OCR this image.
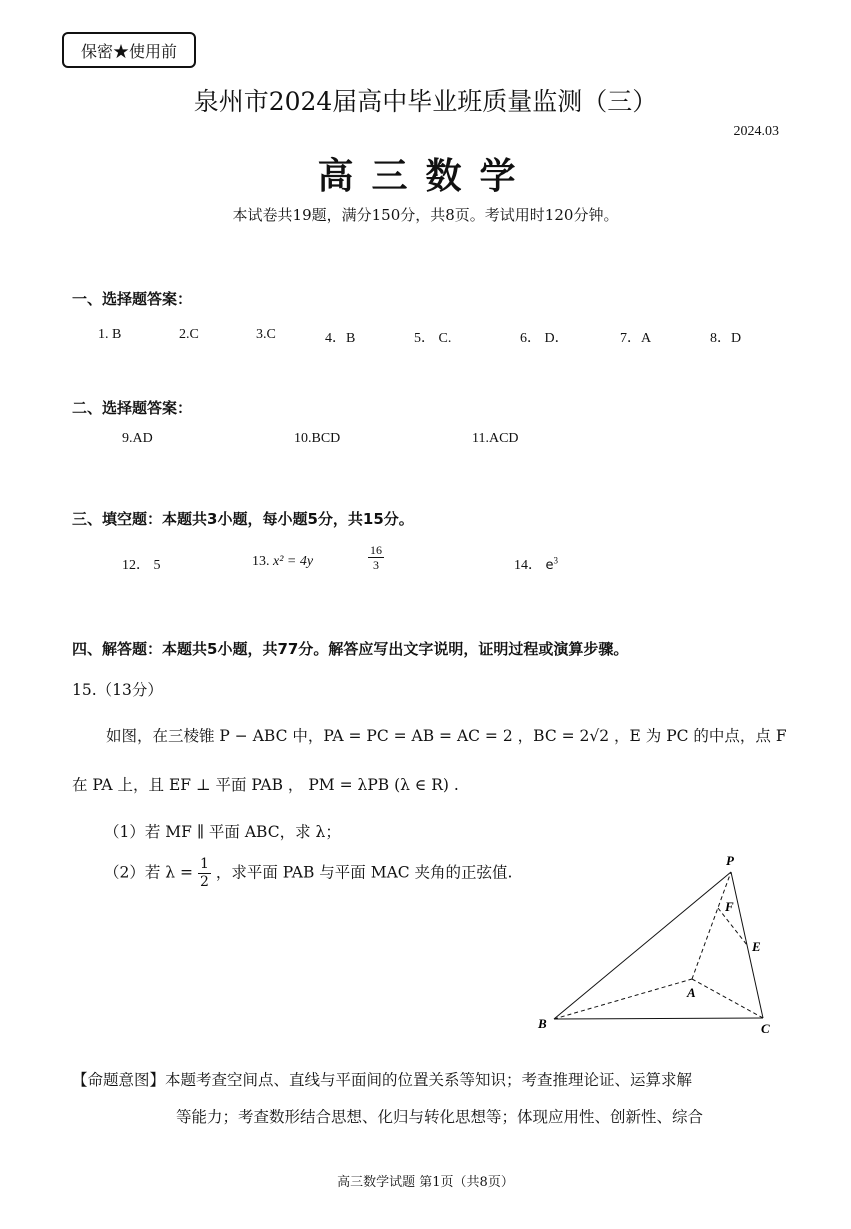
保密★使用前
泉州市2024届高中毕业班质量监测（三）
2024.03
高三数学
本试卷共19题，满分150分，共8页。考试用时120分钟。
一、选择题答案：
1. B	2.C	3.C	4．B	5． C.	6． D．	7．A	8．D
二、选择题答案：
9.AD	10.BCD	11.ACD
三、填空题：本题共3小题，每小题5分，共15分。
12． 5	13. x² = 4y	$\frac{16}{3}$	14． $e^3$
四、解答题：本题共5小题，共77分。解答应写出文字说明，证明过程或演算步骤。
15.（13分）
如图，在三棱锥 P − ABC 中，PA = PC = AB = AC = 2 ，BC = 2√2 ，E 为 PC 的中点，点 F
在 PA 上，且 EF ⊥ 平面 PAB ， PM = λPB (λ ∈ R) .
（1）若 MF ∥ 平面 ABC，求 λ；
（2）若 $\lambda = \frac{1}{2}$ ，求平面 PAB 与平面 MAC 夹角的正弦值.
P
F
E
A
B	C
【命题意图】本题考查空间点、直线与平面间的位置关系等知识；考查推理论证、运算求解
等能力；考查数形结合思想、化归与转化思想等；体现应用性、创新性、综合
高三数学试题 第1页（共8页）
